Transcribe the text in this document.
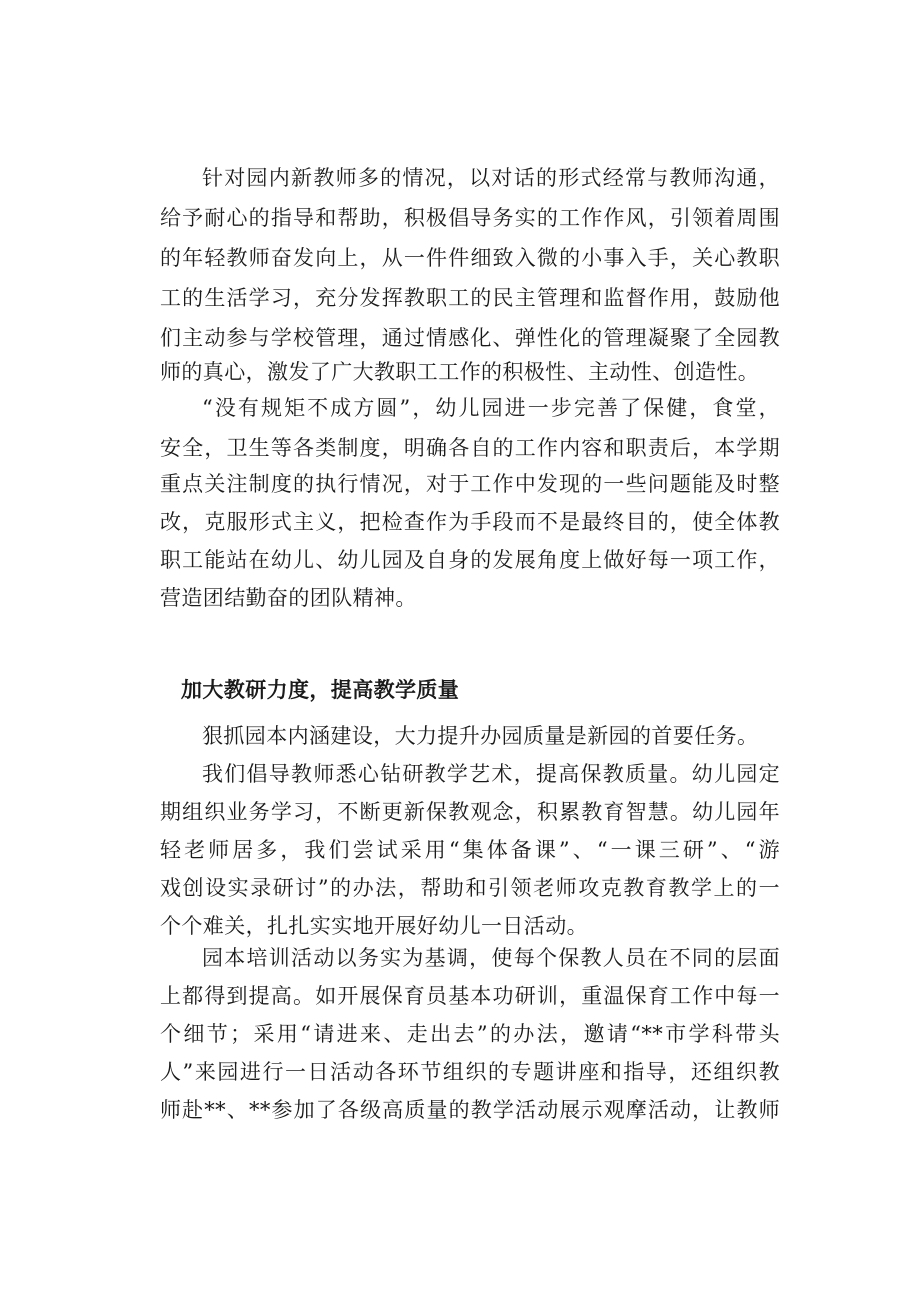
针对园内新教师多的情况，以对话的形式经常与教师沟通，
给予耐心的指导和帮助，积极倡导务实的工作作风，引领着周围
的年轻教师奋发向上，从一件件细致入微的小事入手，关心教职
工的生活学习，充分发挥教职工的民主管理和监督作用，鼓励他
们主动参与学校管理，通过情感化、弹性化的管理凝聚了全园教
师的真心，激发了广大教职工工作的积极性、主动性、创造性。
“没有规矩不成方圆”，幼儿园进一步完善了保健，食堂，
安全，卫生等各类制度，明确各自的工作内容和职责后，本学期
重点关注制度的执行情况，对于工作中发现的一些问题能及时整
改，克服形式主义，把检查作为手段而不是最终目的，使全体教
职工能站在幼儿、幼儿园及自身的发展角度上做好每一项工作，
营造团结勤奋的团队精神。
加大教研力度，提高教学质量
狠抓园本内涵建设，大力提升办园质量是新园的首要任务。
我们倡导教师悉心钻研教学艺术，提高保教质量。幼儿园定
期组织业务学习，不断更新保教观念，积累教育智慧。幼儿园年
轻老师居多，我们尝试采用“集体备课”、“一课三研”、“游
戏创设实录研讨”的办法，帮助和引领老师攻克教育教学上的一
个个难关，扎扎实实地开展好幼儿一日活动。
园本培训活动以务实为基调，使每个保教人员在不同的层面
上都得到提高。如开展保育员基本功研训，重温保育工作中每一
个细节；采用“请进来、走出去”的办法，邀请“**市学科带头
人”来园进行一日活动各环节组织的专题讲座和指导，还组织教
师赴**、**参加了各级高质量的教学活动展示观摩活动，让教师
